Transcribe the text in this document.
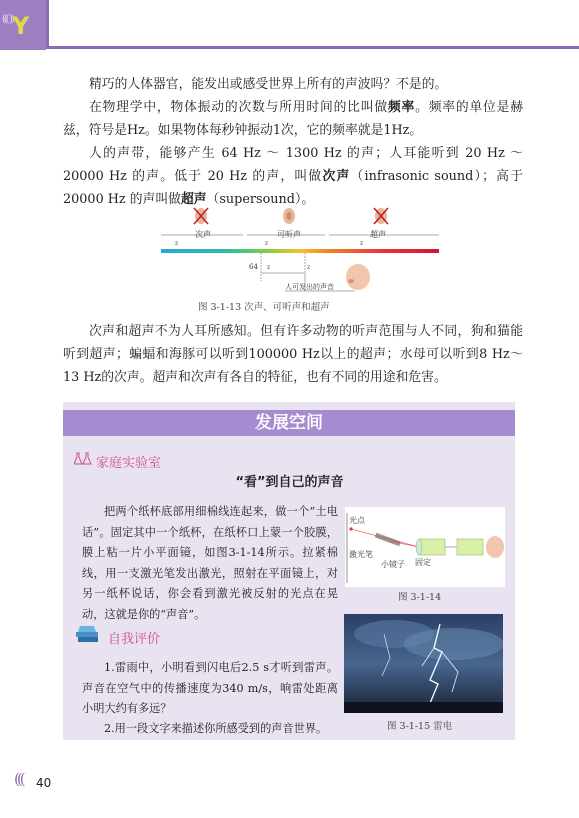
((( )) Y
精巧的人体器官，能发出或感受世界上所有的声波吗？不是的。
在物理学中，物体振动的次数与所用时间的比叫做频率。频率的单位是赫兹，符号是Hz。如果物体每秒钟振动1次，它的频率就是1Hz。
人的声带，能够产生 64 Hz ～ 1300 Hz 的声；人耳能听到 20 Hz ～ 20000 Hz 的声。低于 20 Hz 的声，叫做次声（infrasonic sound）；高于 20000 Hz 的声叫做超声（supersound）。
次声	可听声	超声
z	z	z
64 z	z
人可发出的声音
图 3-1-13 次声、可听声和超声
次声和超声不为人耳所感知。但有许多动物的听声范围与人不同，狗和猫能听到超声；蝙蝠和海豚可以听到100000 Hz以上的超声；水母可以听到8 Hz～13 Hz的次声。超声和次声有各自的特征，也有不同的用途和危害。
发展空间
家庭实验室
“看”到自己的声音
把两个纸杯底部用细棉线连起来，做一个“土电话”。固定其中一个纸杯，在纸杯口上蒙一个胶膜，膜上粘一片小平面镜，如图3-1-14所示。拉紧棉线，用一支激光笔发出激光，照射在平面镜上，对另一纸杯说话，你会看到激光被反射的光点在晃动，这就是你的“声音”。
光点
激光笔
小镜子 固定
图 3-1-14
自我评价
1.雷雨中，小明看到闪电后2.5 s才听到雷声。声音在空气中的传播速度为340 m/s，响雷处距离小明大约有多远？
2.用一段文字来描述你所感受到的声音世界。	图 3-1-15 雷电
((( 40
